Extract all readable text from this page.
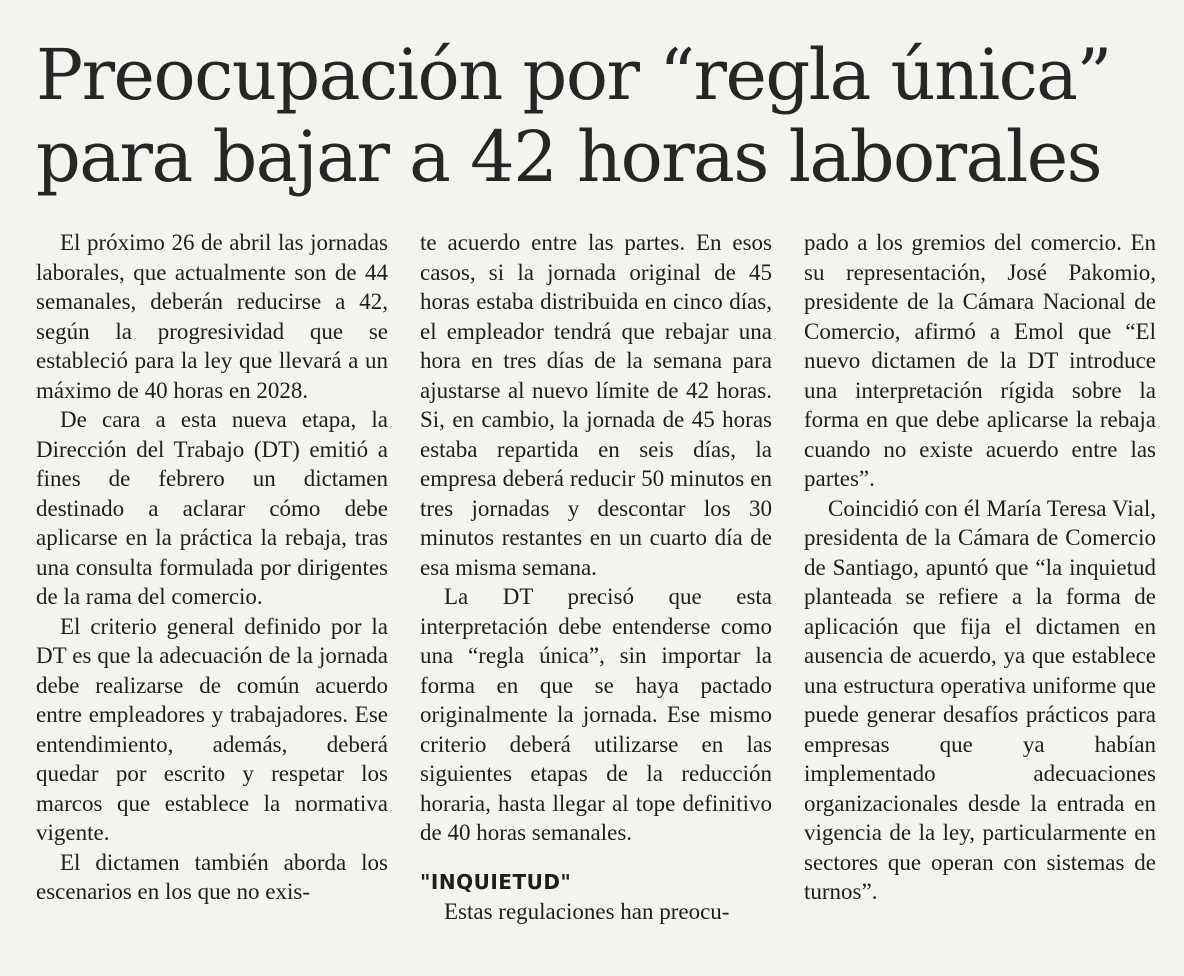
Preocupación por “regla única”
para bajar a 42 horas laborales

El próximo 26 de abril las jornadas laborales, que actualmente son de 44 semanales, deberán reducirse a 42, según la progresividad que se estableció para la ley que llevará a un máximo de 40 horas en 2028.

De cara a esta nueva etapa, la Dirección del Trabajo (DT) emitió a fines de febrero un dictamen destinado a aclarar cómo debe aplicarse en la práctica la rebaja, tras una consulta formulada por dirigentes de la rama del comercio.

El criterio general definido por la DT es que la adecuación de la jornada debe realizarse de común acuerdo entre empleadores y trabajadores. Ese entendimiento, además, deberá quedar por escrito y respetar los marcos que establece la normativa vigente.

El dictamen también aborda los escenarios en los que no exis-

te acuerdo entre las partes. En esos casos, si la jornada original de 45 horas estaba distribuida en cinco días, el empleador tendrá que rebajar una hora en tres días de la semana para ajustarse al nuevo límite de 42 horas. Si, en cambio, la jornada de 45 horas estaba repartida en seis días, la empresa deberá reducir 50 minutos en tres jornadas y descontar los 30 minutos restantes en un cuarto día de esa misma semana.

La DT precisó que esta interpretación debe entenderse como una “regla única”, sin importar la forma en que se haya pactado originalmente la jornada. Ese mismo criterio deberá utilizarse en las siguientes etapas de la reducción horaria, hasta llegar al tope definitivo de 40 horas semanales.

"INQUIETUD"

Estas regulaciones han preocu-

pado a los gremios del comercio. En su representación, José Pakomio, presidente de la Cámara Nacional de Comercio, afirmó a Emol que “El nuevo dictamen de la DT introduce una interpretación rígida sobre la forma en que debe aplicarse la rebaja cuando no existe acuerdo entre las partes”.

Coincidió con él María Teresa Vial, presidenta de la Cámara de Comercio de Santiago, apuntó que “la inquietud planteada se refiere a la forma de aplicación que fija el dictamen en ausencia de acuerdo, ya que establece una estructura operativa uniforme que puede generar desafíos prácticos para empresas que ya habían implementado adecuaciones organizacionales desde la entrada en vigencia de la ley, particularmente en sectores que operan con sistemas de turnos”.
